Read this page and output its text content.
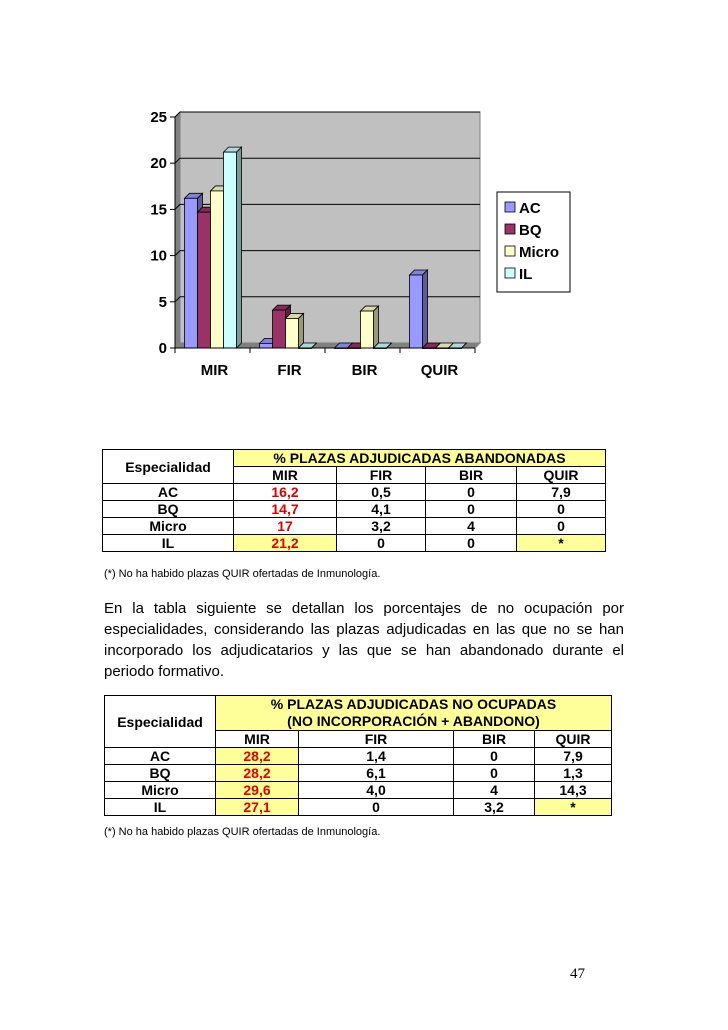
0
5
10
15
20
25
MIR	FIR	BIR	QUIR
AC
BQ
Micro
IL
Especialidad	% PLAZAS ADJUDICADAS ABANDONADAS			
	MIR	FIR	BIR	QUIR
AC	16,2	0,5	0	7,9
BQ	14,7	4,1	0	0
Micro	17	3,2	4	0
IL	21,2	0	0	*
(*) No ha habido plazas QUIR ofertadas de Inmunología.
En la tabla siguiente se detallan los porcentajes de no ocupación por especialidades, considerando las plazas adjudicadas en las que no se han incorporado los adjudicatarios y las que se han abandonado durante el periodo formativo.
Especialidad	% PLAZAS ADJUDICADAS NO OCUPADAS
(NO INCORPORACIÓN + ABANDONO)			

	MIR	FIR	BIR	QUIR
AC	28,2	1,4	0	7,9
BQ	28,2	6,1	0	1,3
Micro	29,6	4,0	4	14,3
IL	27,1	0	3,2	*
(*) No ha habido plazas QUIR ofertadas de Inmunología.
47
